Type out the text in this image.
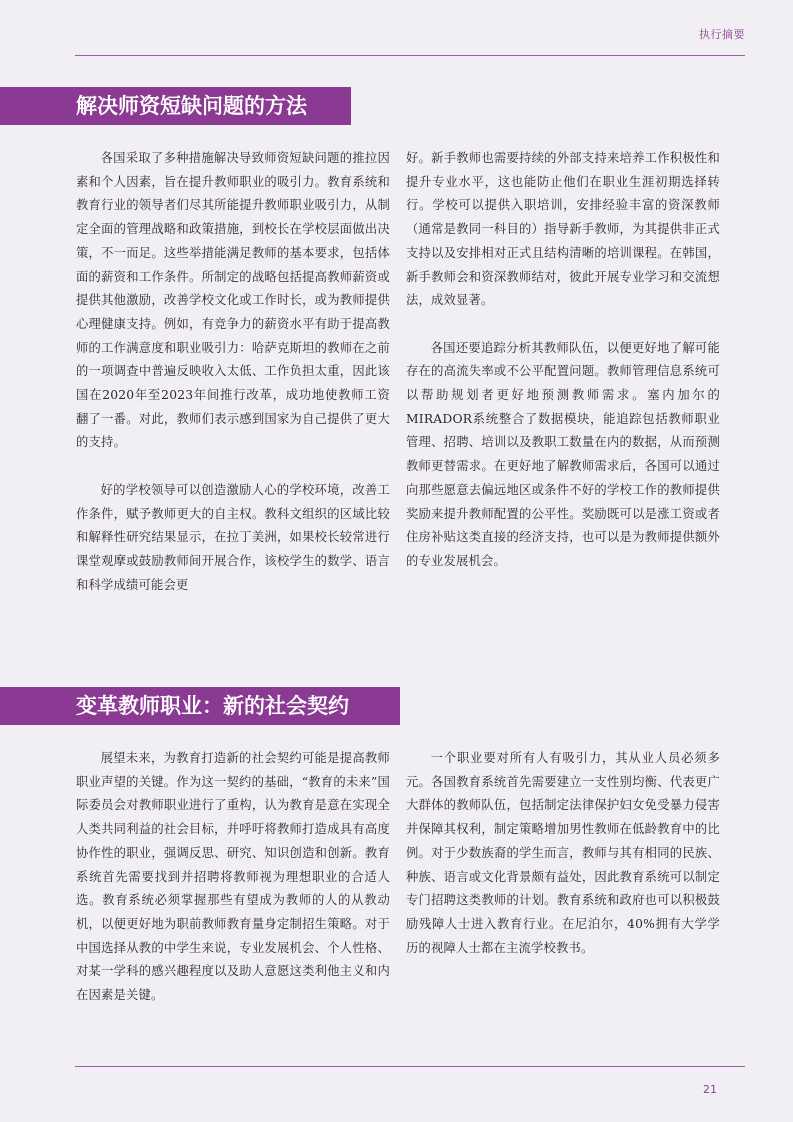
执行摘要
解决师资短缺问题的方法

各国采取了多种措施解决导致师资短缺问题的推拉因素和个人因素，旨在提升教师职业的吸引力。教育系统和教育行业的领导者们尽其所能提升教师职业吸引力，从制定全面的管理战略和政策措施，到校长在学校层面做出决策，不一而足。这些举措能满足教师的基本要求，包括体面的薪资和工作条件。所制定的战略包括提高教师薪资或提供其他激励，改善学校文化或工作时长，或为教师提供心理健康支持。例如，有竞争力的薪资水平有助于提高教师的工作满意度和职业吸引力：哈萨克斯坦的教师在之前的一项调查中普遍反映收入太低、工作负担太重，因此该国在2020年至2023年间推行改革，成功地使教师工资翻了一番。对此，教师们表示感到国家为自己提供了更大的支持。

好的学校领导可以创造激励人心的学校环境，改善工作条件，赋予教师更大的自主权。教科文组织的区域比较和解释性研究结果显示，在拉丁美洲，如果校长较常进行课堂观摩或鼓励教师间开展合作，该校学生的数学、语言和科学成绩可能会更

好。新手教师也需要持续的外部支持来培养工作积极性和提升专业水平，这也能防止他们在职业生涯初期选择转行。学校可以提供入职培训，安排经验丰富的资深教师（通常是教同一科目的）指导新手教师，为其提供非正式支持以及安排相对正式且结构清晰的培训课程。在韩国，新手教师会和资深教师结对，彼此开展专业学习和交流想法，成效显著。

各国还要追踪分析其教师队伍，以便更好地了解可能存在的高流失率或不公平配置问题。教师管理信息系统可以帮助规划者更好地预测教师需求。塞内加尔的MIRADOR系统整合了数据模块，能追踪包括教师职业管理、招聘、培训以及教职工数量在内的数据，从而预测教师更替需求。在更好地了解教师需求后，各国可以通过向那些愿意去偏远地区或条件不好的学校工作的教师提供奖励来提升教师配置的公平性。奖励既可以是涨工资或者住房补贴这类直接的经济支持，也可以是为教师提供额外的专业发展机会。

变革教师职业：新的社会契约

展望未来，为教育打造新的社会契约可能是提高教师职业声望的关键。作为这一契约的基础，“教育的未来”国际委员会对教师职业进行了重构，认为教育是意在实现全人类共同利益的社会目标，并呼吁将教师打造成具有高度协作性的职业，强调反思、研究、知识创造和创新。教育系统首先需要找到并招聘将教师视为理想职业的合适人选。教育系统必须掌握那些有望成为教师的人的从教动机，以便更好地为职前教师教育量身定制招生策略。对于中国选择从教的中学生来说，专业发展机会、个人性格、对某一学科的感兴趣程度以及助人意愿这类利他主义和内在因素是关键。

一个职业要对所有人有吸引力，其从业人员必须多元。各国教育系统首先需要建立一支性别均衡、代表更广大群体的教师队伍，包括制定法律保护妇女免受暴力侵害并保障其权利，制定策略增加男性教师在低龄教育中的比例。对于少数族裔的学生而言，教师与其有相同的民族、种族、语言或文化背景颇有益处，因此教育系统可以制定专门招聘这类教师的计划。教育系统和政府也可以积极鼓励残障人士进入教育行业。在尼泊尔，40%拥有大学学历的视障人士都在主流学校教书。

21
